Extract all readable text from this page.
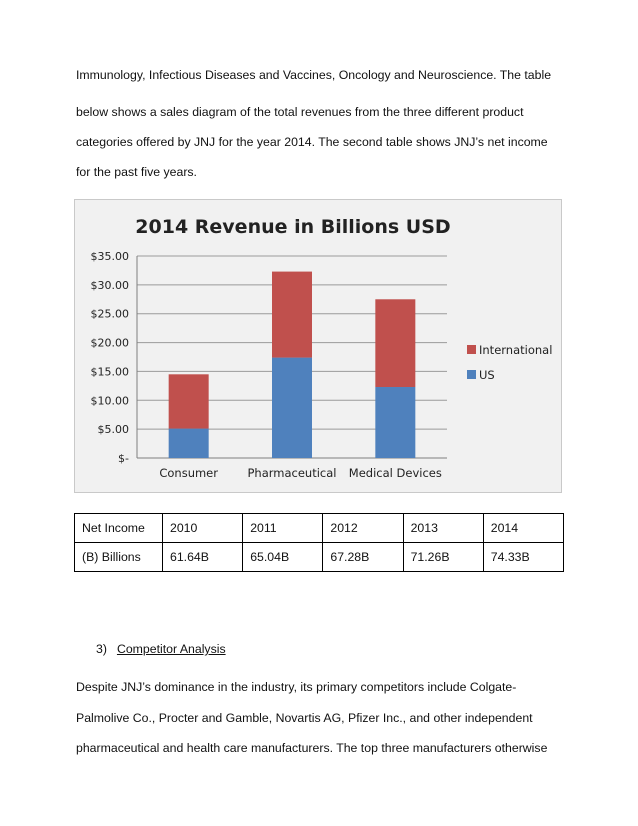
Immunology, Infectious Diseases and Vaccines, Oncology and Neuroscience. The table
below shows a sales diagram of the total revenues from the three different product
categories offered by JNJ for the year 2014. The second table shows JNJ’s net income
for the past five years.
2014 Revenue in Billions USD
$-
$5.00
$10.00
$15.00
$20.00
$25.00
$30.00
$35.00
Consumer	Pharmaceutical Medical Devices
International
US
Net Income	2010	2011	2012	2013	2014
(B) Billions	61.64B	65.04B	67.28B	71.26B	74.33B
3) Competitor Analysis
Despite JNJ’s dominance in the industry, its primary competitors include Colgate-
Palmolive Co., Procter and Gamble, Novartis AG, Pfizer Inc., and other independent
pharmaceutical and health care manufacturers. The top three manufacturers otherwise
